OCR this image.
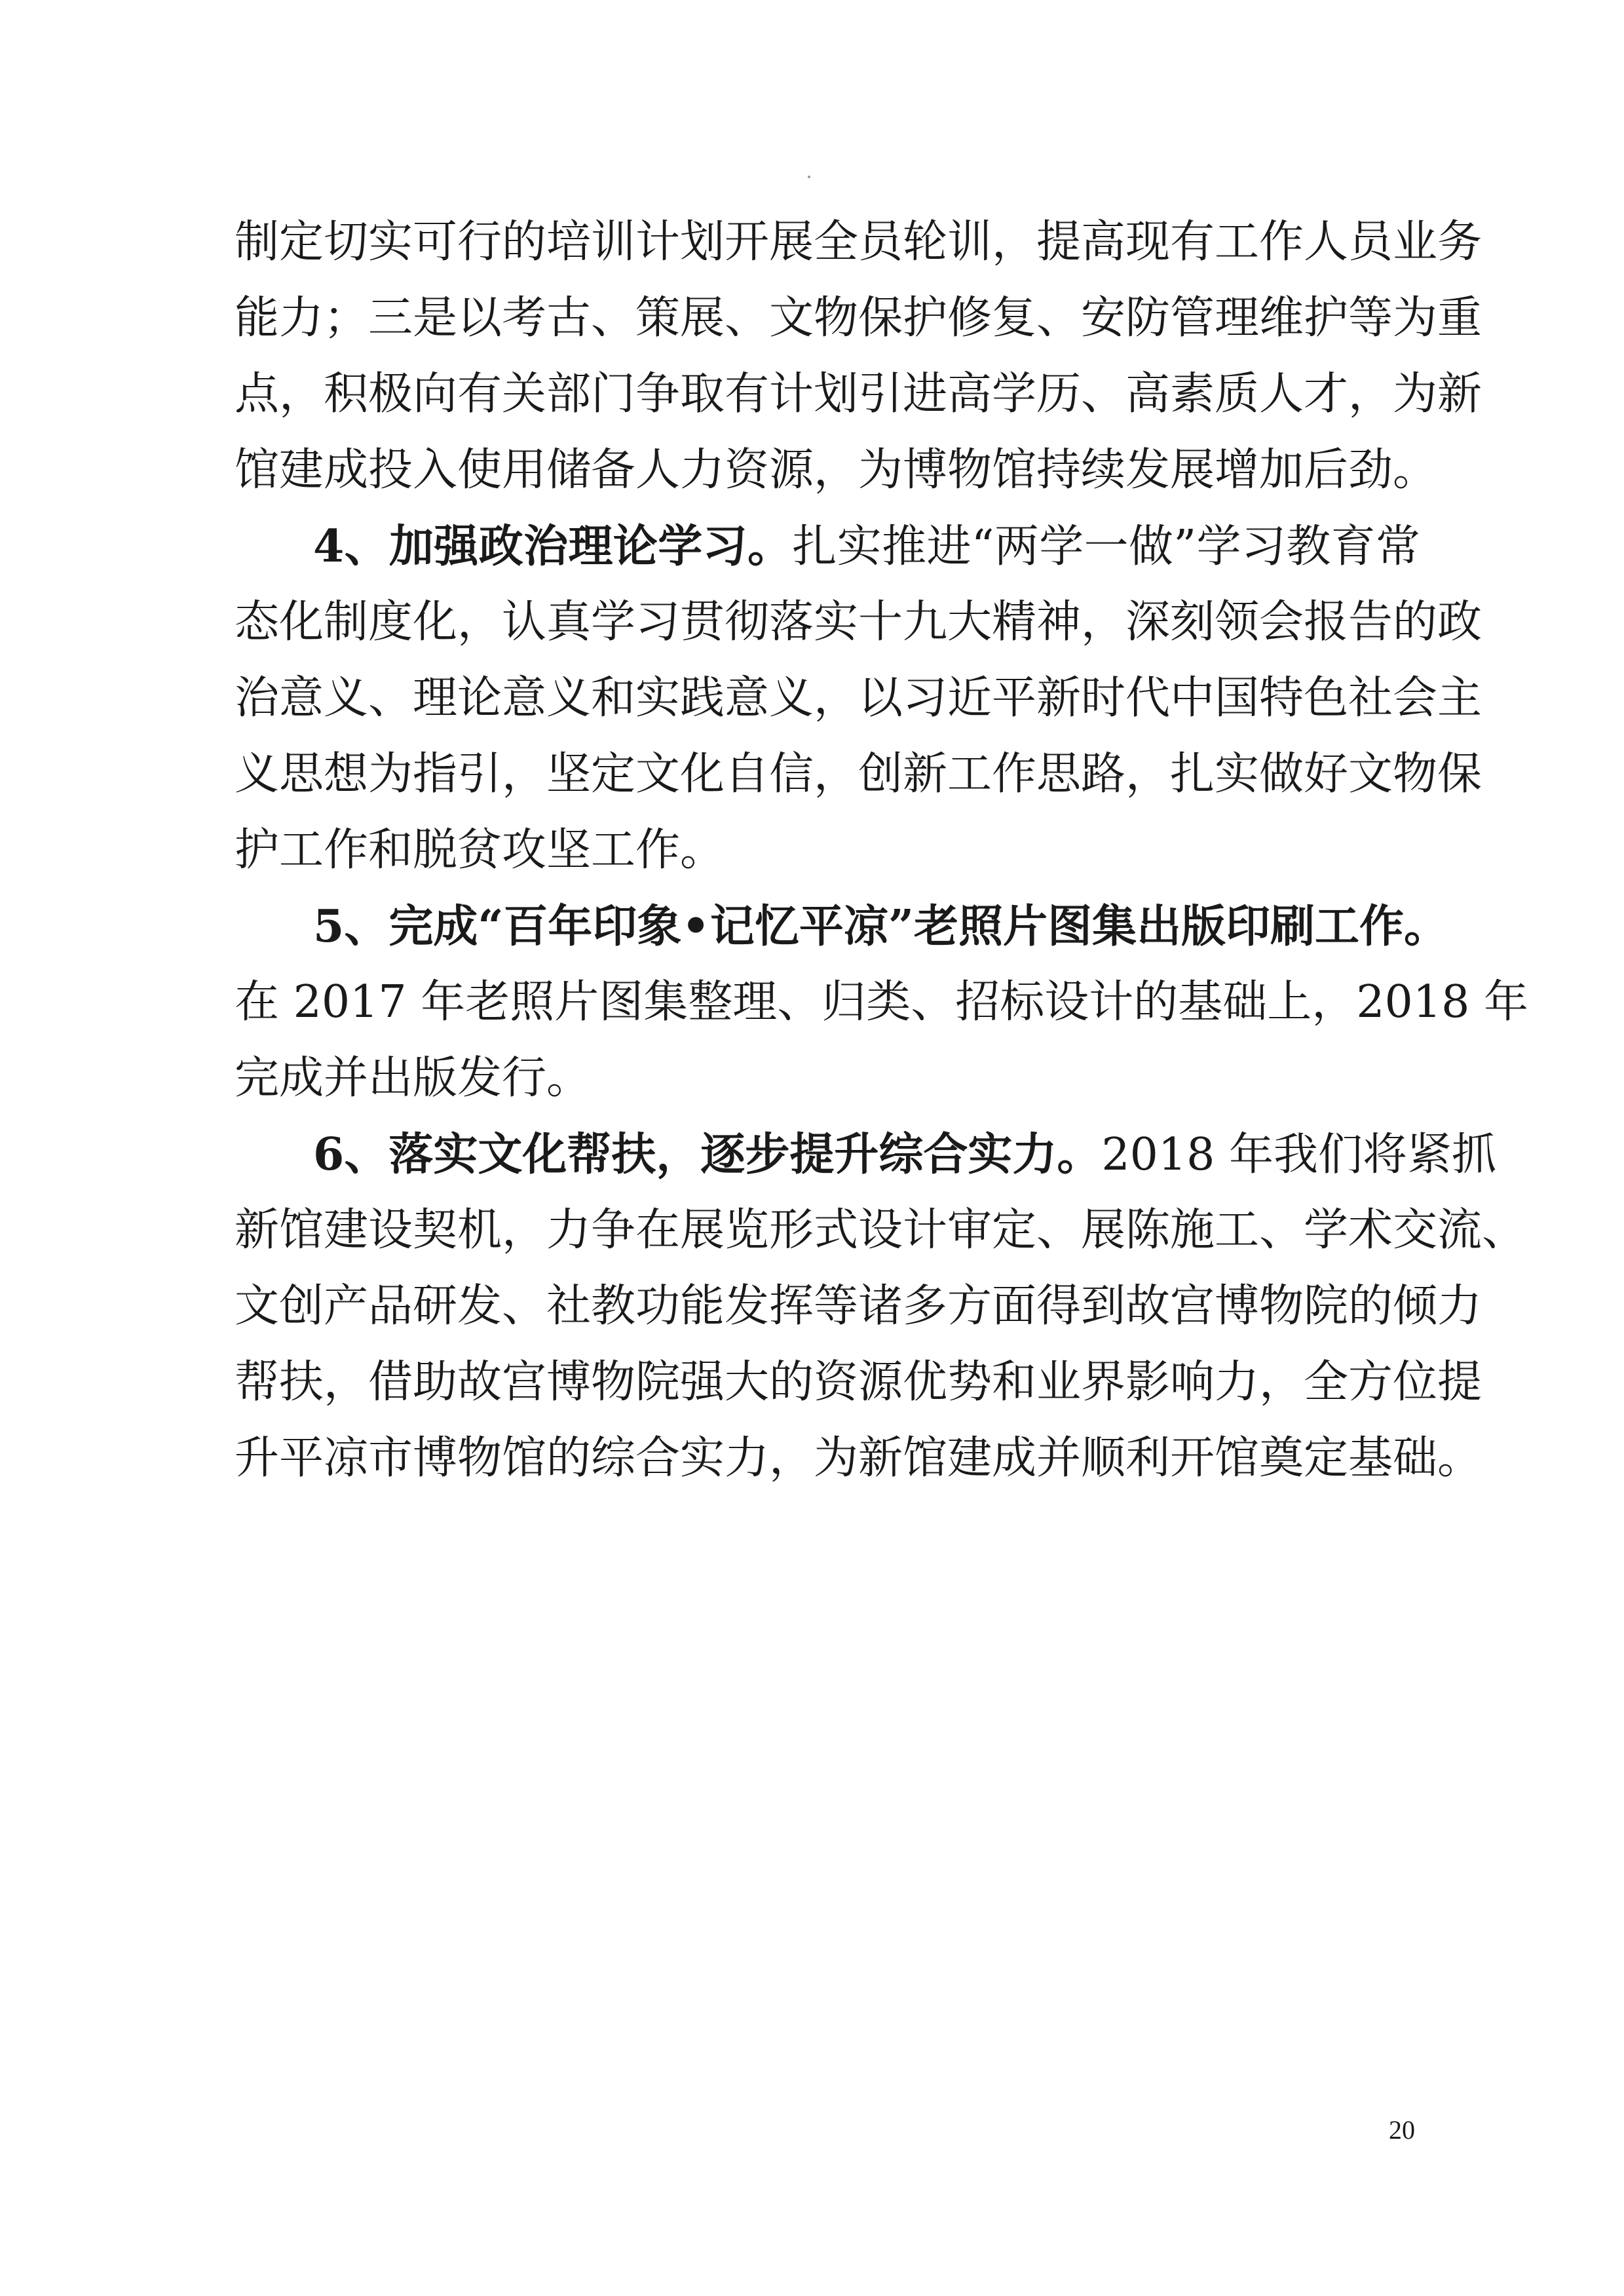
制定切实可行的培训计划开展全员轮训，提高现有工作人员业务
能力；三是以考古、策展、文物保护修复、安防管理维护等为重
点，积极向有关部门争取有计划引进高学历、高素质人才，为新
馆建成投入使用储备人力资源，为博物馆持续发展增加后劲。
4、加强政治理论学习。扎实推进“两学一做”学习教育常
态化制度化，认真学习贯彻落实十九大精神，深刻领会报告的政
治意义、理论意义和实践意义，以习近平新时代中国特色社会主
义思想为指引，坚定文化自信，创新工作思路，扎实做好文物保
护工作和脱贫攻坚工作。
5、完成“百年印象•记忆平凉”老照片图集出版印刷工作。
在 2017 年老照片图集整理、归类、招标设计的基础上，2018 年
完成并出版发行。
6、落实文化帮扶，逐步提升综合实力。2018 年我们将紧抓
新馆建设契机，力争在展览形式设计审定、展陈施工、学术交流、
文创产品研发、社教功能发挥等诸多方面得到故宫博物院的倾力
帮扶，借助故宫博物院强大的资源优势和业界影响力，全方位提
升平凉市博物馆的综合实力，为新馆建成并顺利开馆奠定基础。
20
